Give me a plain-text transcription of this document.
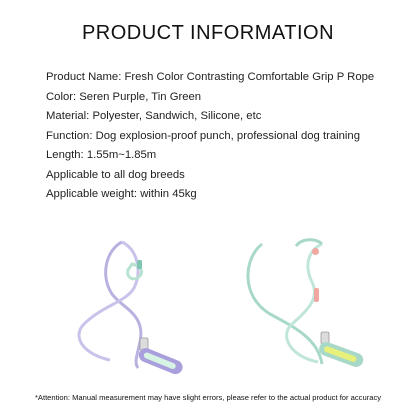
PRODUCT INFORMATION
Product Name: Fresh Color Contrasting Comfortable Grip P Rope
Color: Seren Purple, Tin Green
Material: Polyester, Sandwich, Silicone, etc
Function: Dog explosion-proof punch, professional dog training
Length: 1.55m~1.85m
Applicable to all dog breeds
Applicable weight: within 45kg
*Attention: Manual measurement may have slight errors, please refer to the actual product for accuracy
